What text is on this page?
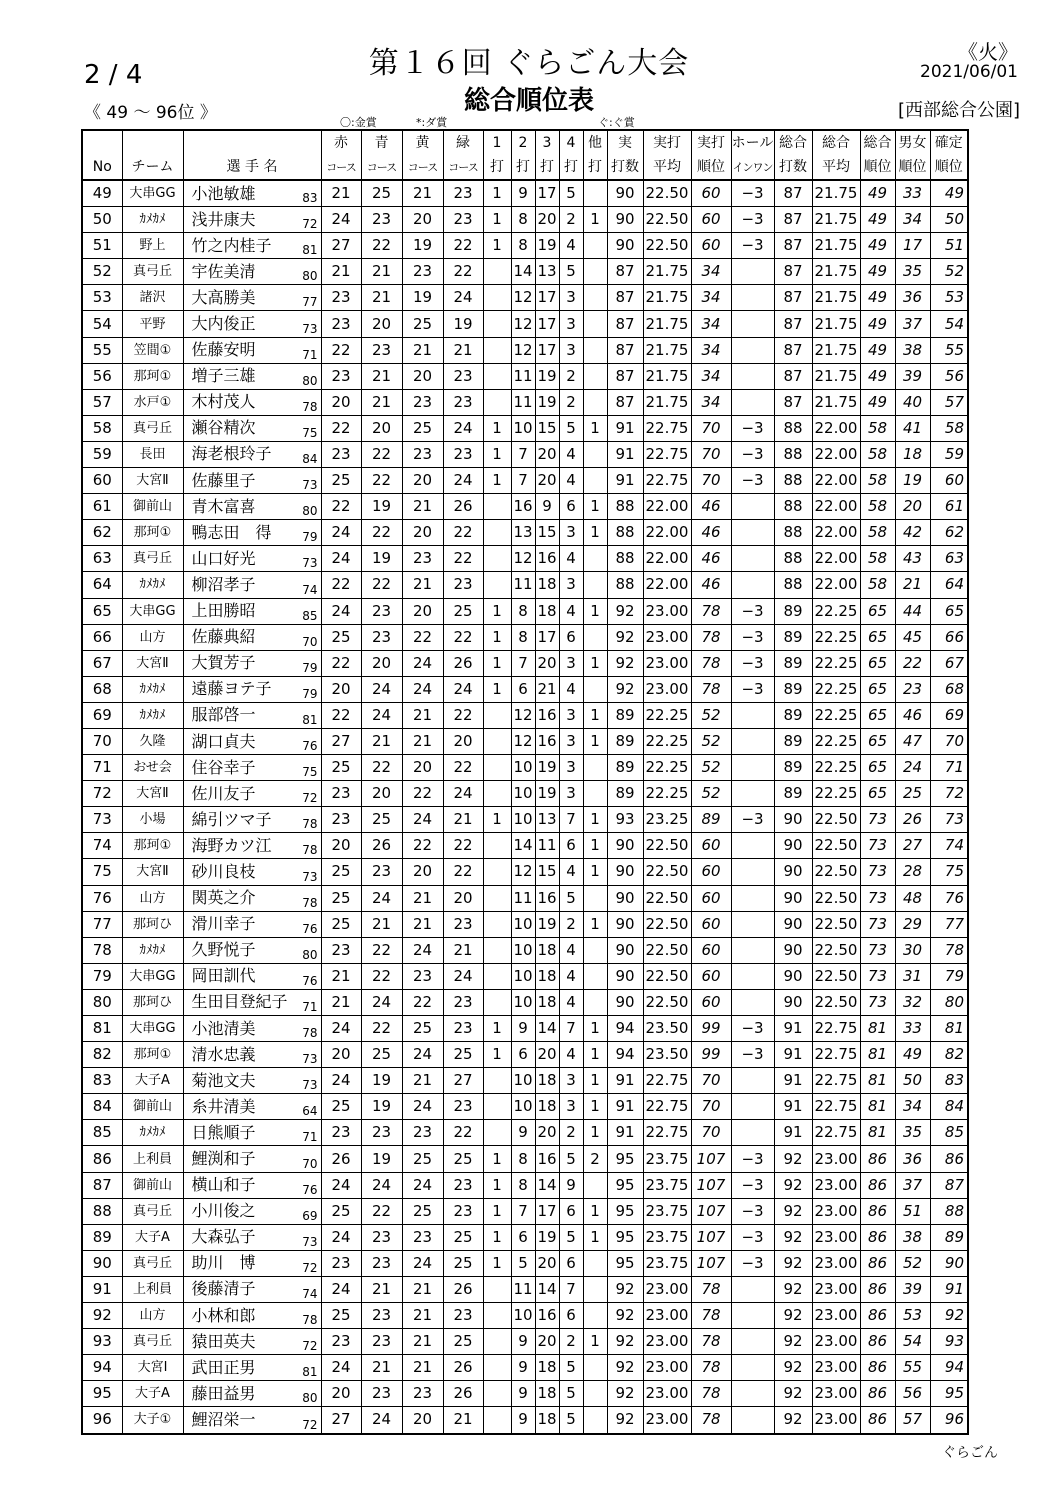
第１６回 ぐらごん大会
総合順位表
2 / 4
《 49 ～ 96位 》
《火》
2021/06/01
[西部総合公園]
〇:金賞	*:ダ賞	ぐ:ぐ賞
			赤	青	黄	緑	1	2	3	4	他	実	実打	実打	ホール	総合	総合	総合	男女	確定
No	チーム	選 手 名	コース	コース	コース	コース	打	打	打	打	打	打数	平均	順位	インワン	打数	平均	順位	順位	順位
49	大串GG	小池敏雄 83	21	25	21	23	1	9	17	5		90	22.50	60	−3	87	21.75	49	33	49
50	ｶﾒｶﾒ	浅井康夫 72	24	23	20	23	1	8	20	2	1	90	22.50	60	−3	87	21.75	49	34	50
51	野上	竹之内桂子 81	27	22	19	22	1	8	19	4		90	22.50	60	−3	87	21.75	49	17	51
52	真弓丘	宇佐美清 80	21	21	23	22		14	13	5		87	21.75	34		87	21.75	49	35	52
53	諸沢	大高勝美 77	23	21	19	24		12	17	3		87	21.75	34		87	21.75	49	36	53
54	平野	大内俊正 73	23	20	25	19		12	17	3		87	21.75	34		87	21.75	49	37	54
55	笠間①	佐藤安明 71	22	23	21	21		12	17	3		87	21.75	34		87	21.75	49	38	55
56	那珂①	増子三雄 80	23	21	20	23		11	19	2		87	21.75	34		87	21.75	49	39	56
57	水戸①	木村茂人 78	20	21	23	23		11	19	2		87	21.75	34		87	21.75	49	40	57
58	真弓丘	瀬谷精次 75	22	20	25	24	1	10	15	5	1	91	22.75	70	−3	88	22.00	58	41	58
59	長田	海老根玲子 84	23	22	23	23	1	7	20	4		91	22.75	70	−3	88	22.00	58	18	59
60	大宮Ⅱ	佐藤里子 73	25	22	20	24	1	7	20	4		91	22.75	70	−3	88	22.00	58	19	60
61	御前山	青木富喜 80	22	19	21	26		16	9	6	1	88	22.00	46		88	22.00	58	20	61
62	那珂①	鴨志田　得 79	24	22	20	22		13	15	3	1	88	22.00	46		88	22.00	58	42	62
63	真弓丘	山口好光 73	24	19	23	22		12	16	4		88	22.00	46		88	22.00	58	43	63
64	ｶﾒｶﾒ	柳沼孝子 74	22	22	21	23		11	18	3		88	22.00	46		88	22.00	58	21	64
65	大串GG	上田勝昭 85	24	23	20	25	1	8	18	4	1	92	23.00	78	−3	89	22.25	65	44	65
66	山方	佐藤典紹 70	25	23	22	22	1	8	17	6		92	23.00	78	−3	89	22.25	65	45	66
67	大宮Ⅱ	大賀芳子 79	22	20	24	26	1	7	20	3	1	92	23.00	78	−3	89	22.25	65	22	67
68	ｶﾒｶﾒ	遠藤ヨテ子 79	20	24	24	24	1	6	21	4		92	23.00	78	−3	89	22.25	65	23	68
69	ｶﾒｶﾒ	服部啓一 81	22	24	21	22		12	16	3	1	89	22.25	52		89	22.25	65	46	69
70	久隆	湖口貞夫 76	27	21	21	20		12	16	3	1	89	22.25	52		89	22.25	65	47	70
71	おせ会	住谷幸子 75	25	22	20	22		10	19	3		89	22.25	52		89	22.25	65	24	71
72	大宮Ⅱ	佐川友子 72	23	20	22	24		10	19	3		89	22.25	52		89	22.25	65	25	72
73	小場	綿引ツマ子 78	23	25	24	21	1	10	13	7	1	93	23.25	89	−3	90	22.50	73	26	73
74	那珂①	海野カツ江 78	20	26	22	22		14	11	6	1	90	22.50	60		90	22.50	73	27	74
75	大宮Ⅱ	砂川良枝 73	25	23	20	22		12	15	4	1	90	22.50	60		90	22.50	73	28	75
76	山方	関英之介 78	25	24	21	20		11	16	5		90	22.50	60		90	22.50	73	48	76
77	那珂ひ	滑川幸子 76	25	21	21	23		10	19	2	1	90	22.50	60		90	22.50	73	29	77
78	ｶﾒｶﾒ	久野悦子 80	23	22	24	21		10	18	4		90	22.50	60		90	22.50	73	30	78
79	大串GG	岡田訓代 76	21	22	23	24		10	18	4		90	22.50	60		90	22.50	73	31	79
80	那珂ひ	生田目登紀子 71	21	24	22	23		10	18	4		90	22.50	60		90	22.50	73	32	80
81	大串GG	小池清美 78	24	22	25	23	1	9	14	7	1	94	23.50	99	−3	91	22.75	81	33	81
82	那珂①	清水忠義 73	20	25	24	25	1	6	20	4	1	94	23.50	99	−3	91	22.75	81	49	82
83	大子A	菊池文夫 73	24	19	21	27		10	18	3	1	91	22.75	70		91	22.75	81	50	83
84	御前山	糸井清美 64	25	19	24	23		10	18	3	1	91	22.75	70		91	22.75	81	34	84
85	ｶﾒｶﾒ	日熊順子 71	23	23	23	22		9	20	2	1	91	22.75	70		91	22.75	81	35	85
86	上利員	鯉渕和子 70	26	19	25	25	1	8	16	5	2	95	23.75	107	−3	92	23.00	86	36	86
87	御前山	横山和子 76	24	24	24	23	1	8	14	9		95	23.75	107	−3	92	23.00	86	37	87
88	真弓丘	小川俊之 69	25	22	25	23	1	7	17	6	1	95	23.75	107	−3	92	23.00	86	51	88
89	大子A	大森弘子 73	24	23	23	25	1	6	19	5	1	95	23.75	107	−3	92	23.00	86	38	89
90	真弓丘	助川　博 72	23	23	24	25	1	5	20	6		95	23.75	107	−3	92	23.00	86	52	90
91	上利員	後藤清子 74	24	21	21	26		11	14	7		92	23.00	78		92	23.00	86	39	91
92	山方	小林和郎 78	25	23	21	23		10	16	6		92	23.00	78		92	23.00	86	53	92
93	真弓丘	猿田英夫 72	23	23	21	25		9	20	2	1	92	23.00	78		92	23.00	86	54	93
94	大宮Ⅰ	武田正男 81	24	21	21	26		9	18	5		92	23.00	78		92	23.00	86	55	94
95	大子A	藤田益男 80	20	23	23	26		9	18	5		92	23.00	78		92	23.00	86	56	95
96	大子①	鯉沼栄一 72	27	24	20	21		9	18	5		92	23.00	78		92	23.00	86	57	96
ぐらごん
